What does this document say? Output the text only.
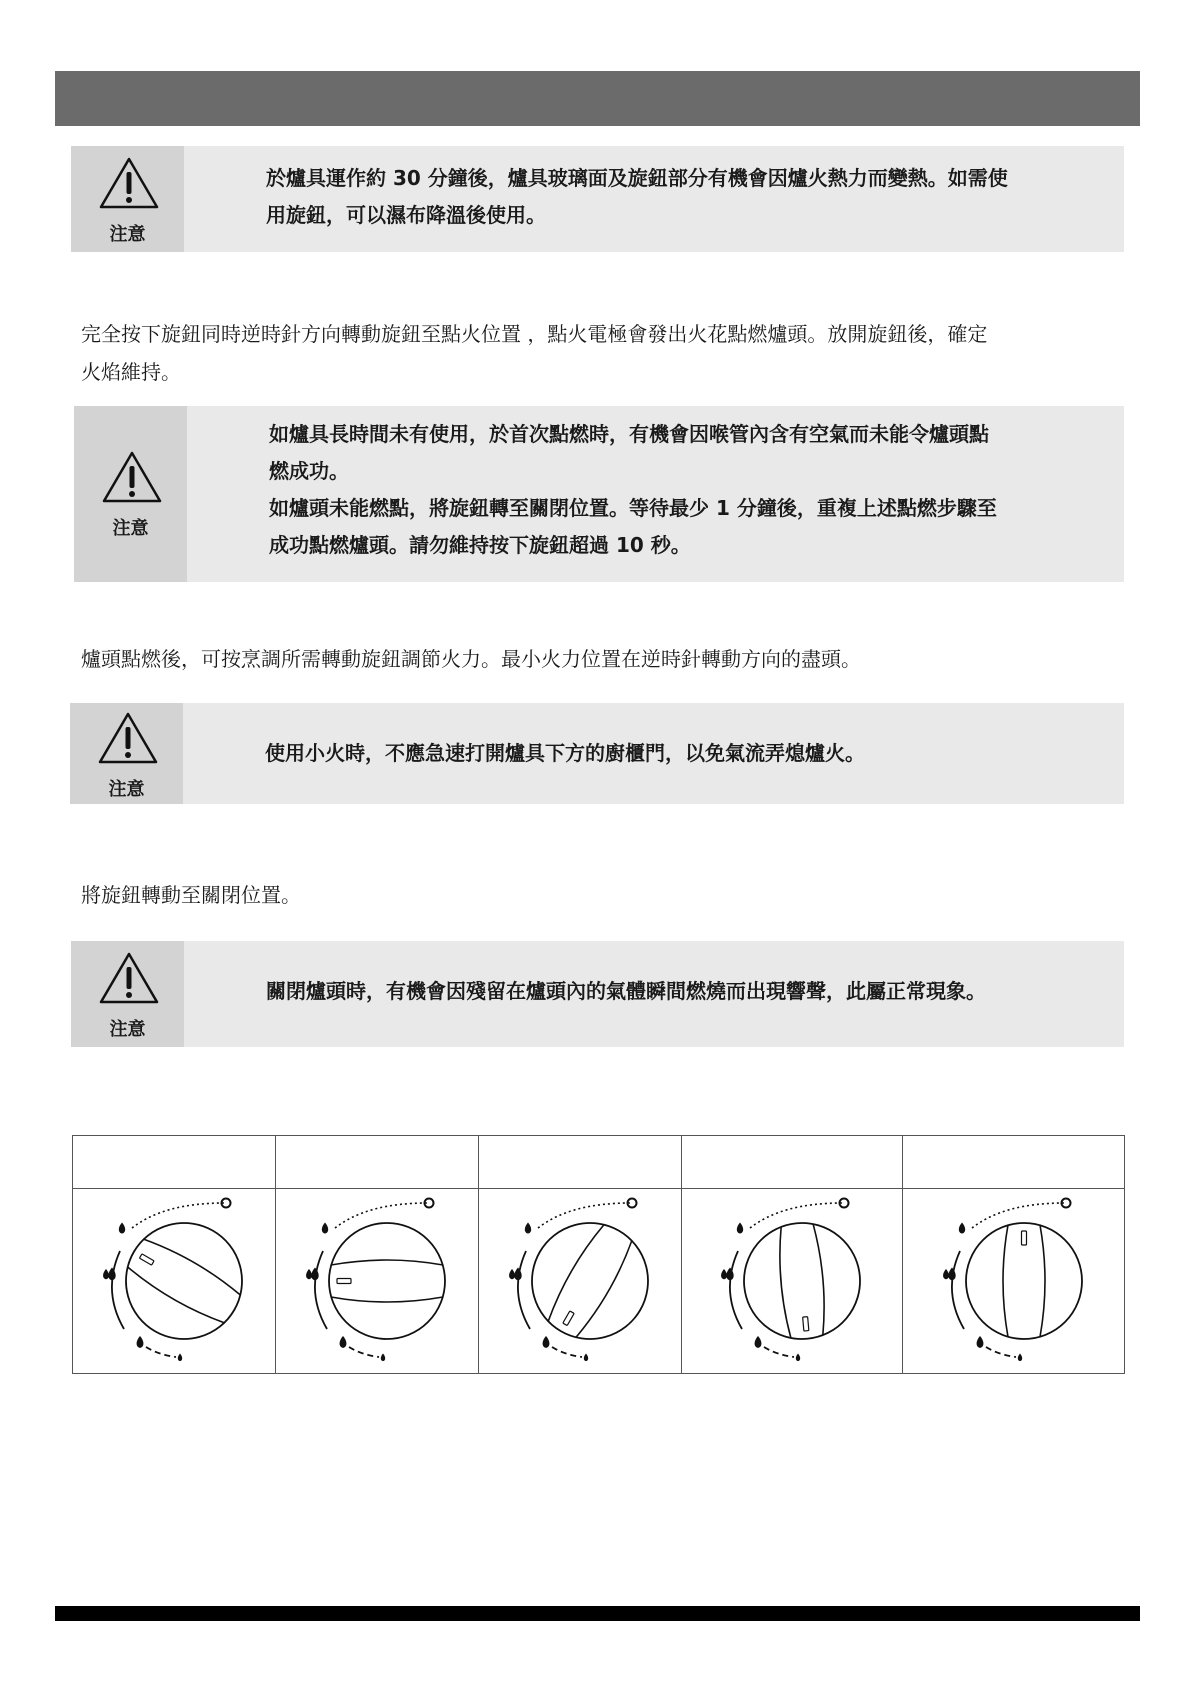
注意
於爐具運作約 30 分鐘後，爐具玻璃面及旋鈕部分有機會因爐火熱力而變熱。如需使
用旋鈕，可以濕布降溫後使用。
完全按下旋鈕同時逆時針方向轉動旋鈕至點火位置 ，點火電極會發出火花點燃爐頭。放開旋鈕後，確定
火焰維持。
注意
如爐具長時間未有使用，於首次點燃時，有機會因喉管內含有空氣而未能令爐頭點
燃成功。
如爐頭未能燃點，將旋鈕轉至關閉位置。等待最少 1 分鐘後，重複上述點燃步驟至
成功點燃爐頭。請勿維持按下旋鈕超過 10 秒。
爐頭點燃後，可按烹調所需轉動旋鈕調節火力。最小火力位置在逆時針轉動方向的盡頭。
注意
使用小火時，不應急速打開爐具下方的廚櫃門，以免氣流弄熄爐火。
將旋鈕轉動至關閉位置。
注意
關閉爐頭時，有機會因殘留在爐頭內的氣體瞬間燃燒而出現響聲，此屬正常現象。
